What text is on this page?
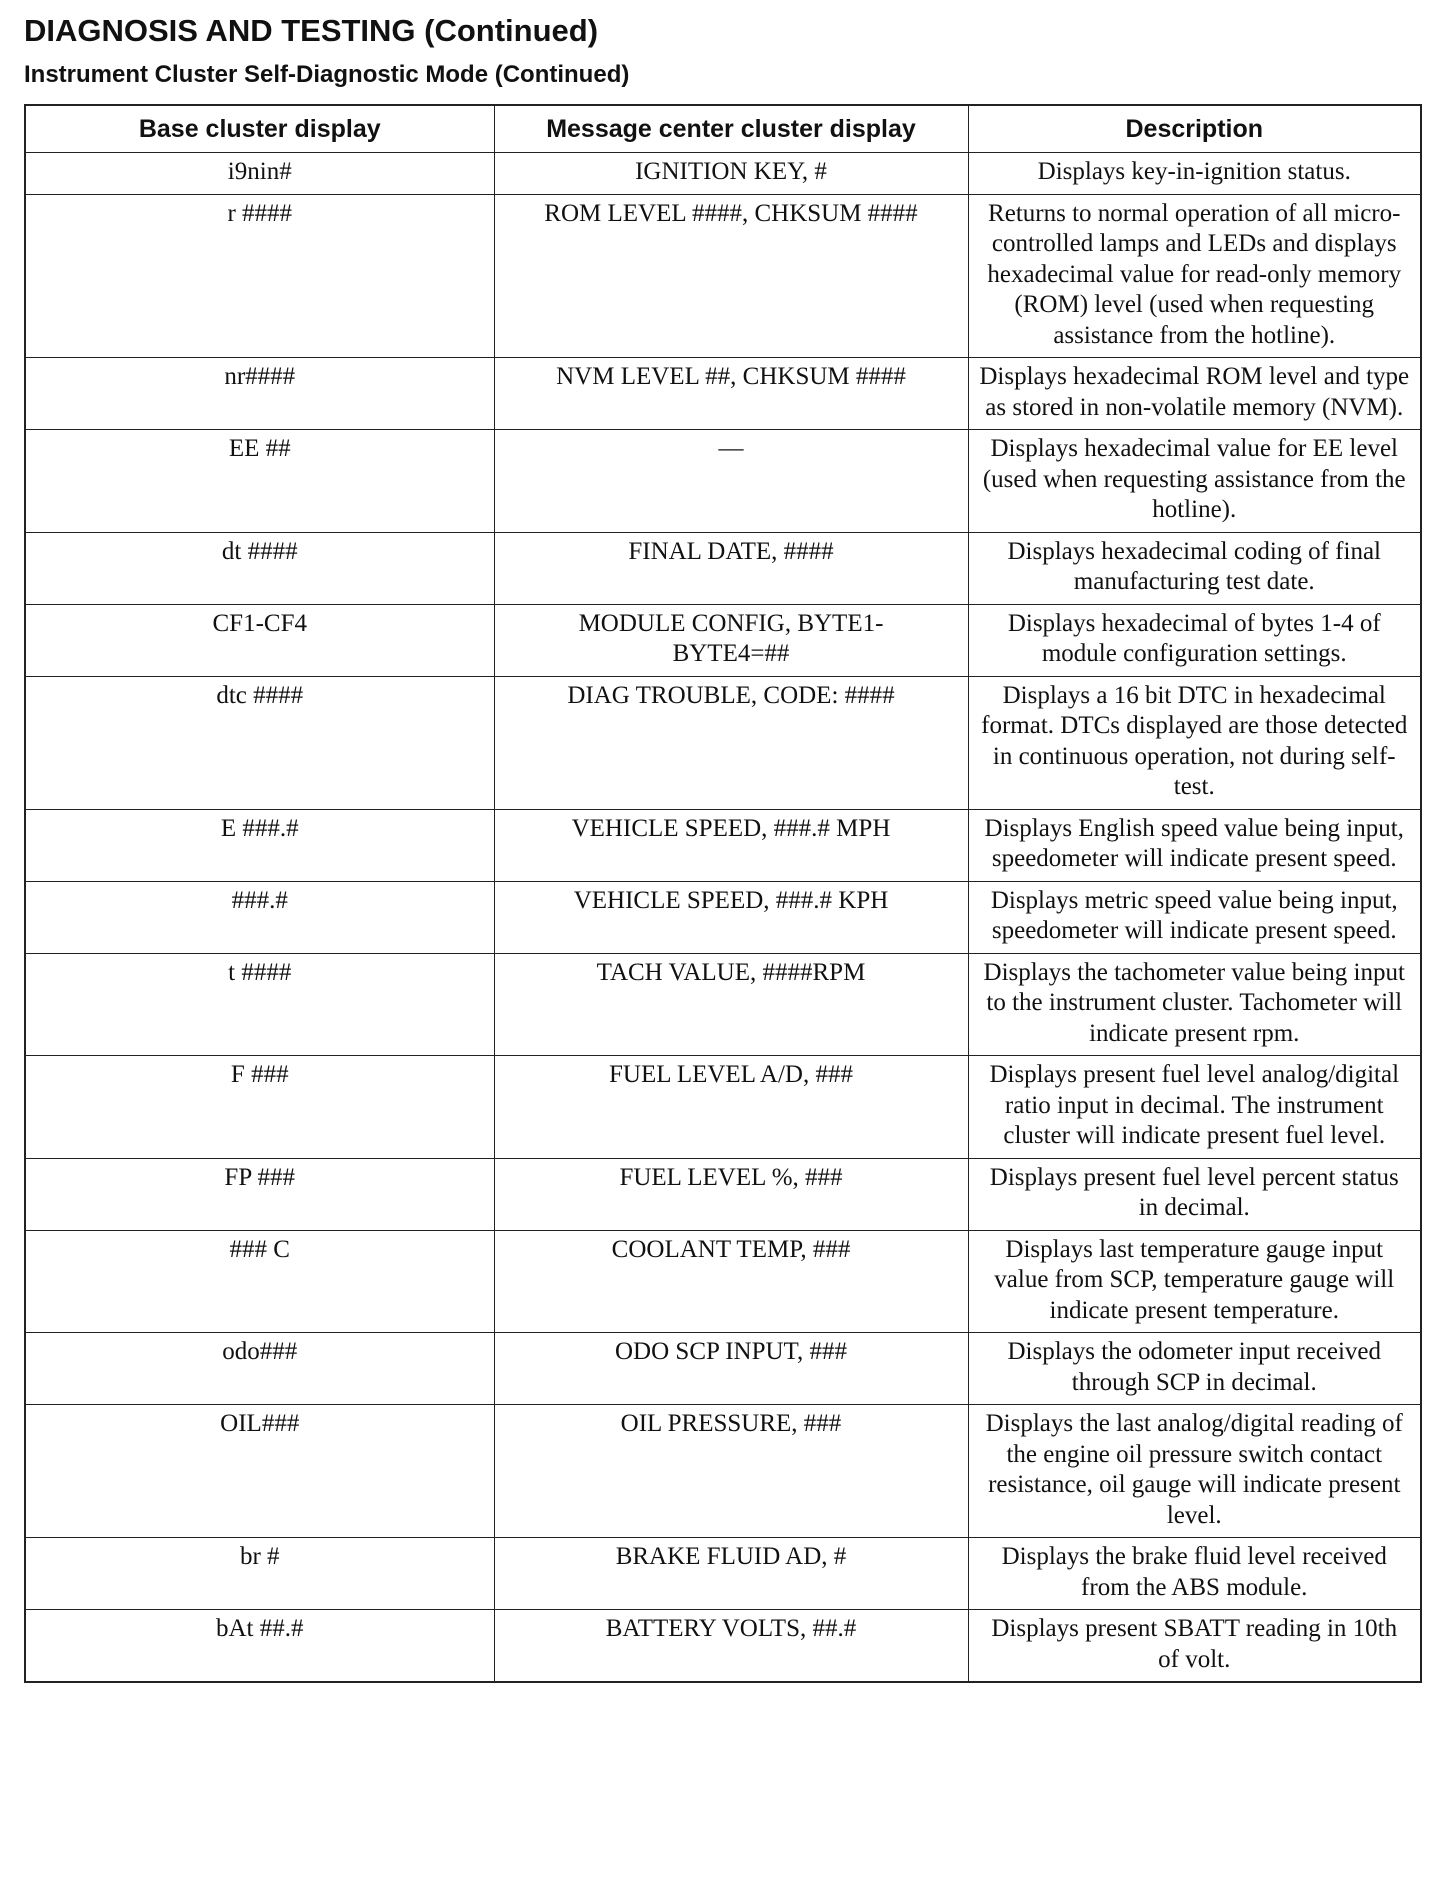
DIAGNOSIS AND TESTING (Continued)
Instrument Cluster Self-Diagnostic Mode (Continued)
Base cluster display	Message center cluster display	Description
i9nin#	IGNITION KEY, #	Displays key-in-ignition status.
r ####	ROM LEVEL ####, CHKSUM ####	Returns to normal operation of all micro-controlled lamps and LEDs and displays hexadecimal value for read-only memory (ROM) level (used when requesting assistance from the hotline).
nr####	NVM LEVEL ##, CHKSUM ####	Displays hexadecimal ROM level and type as stored in non-volatile memory (NVM).
EE ##	—	Displays hexadecimal value for EE level (used when requesting assistance from the hotline).
dt ####	FINAL DATE, ####	Displays hexadecimal coding of final manufacturing test date.
CF1-CF4	MODULE CONFIG, BYTE1-BYTE4=##	Displays hexadecimal of bytes 1-4 of module configuration settings.
dtc ####	DIAG TROUBLE, CODE: ####	Displays a 16 bit DTC in hexadecimal format. DTCs displayed are those detected in continuous operation, not during self-test.
E ###.#	VEHICLE SPEED, ###.# MPH	Displays English speed value being input, speedometer will indicate present speed.
###.#	VEHICLE SPEED, ###.# KPH	Displays metric speed value being input, speedometer will indicate present speed.
t ####	TACH VALUE, ####RPM	Displays the tachometer value being input to the instrument cluster. Tachometer will indicate present rpm.
F ###	FUEL LEVEL A/D, ###	Displays present fuel level analog/digital ratio input in decimal. The instrument cluster will indicate present fuel level.
FP ###	FUEL LEVEL %, ###	Displays present fuel level percent status in decimal.
### C	COOLANT TEMP, ###	Displays last temperature gauge input value from SCP, temperature gauge will indicate present temperature.
odo###	ODO SCP INPUT, ###	Displays the odometer input received through SCP in decimal.
OIL###	OIL PRESSURE, ###	Displays the last analog/digital reading of the engine oil pressure switch contact resistance, oil gauge will indicate present level.
br #	BRAKE FLUID AD, #	Displays the brake fluid level received from the ABS module.
bAt ##.#	BATTERY VOLTS, ##.#	Displays present SBATT reading in 10th of volt.
